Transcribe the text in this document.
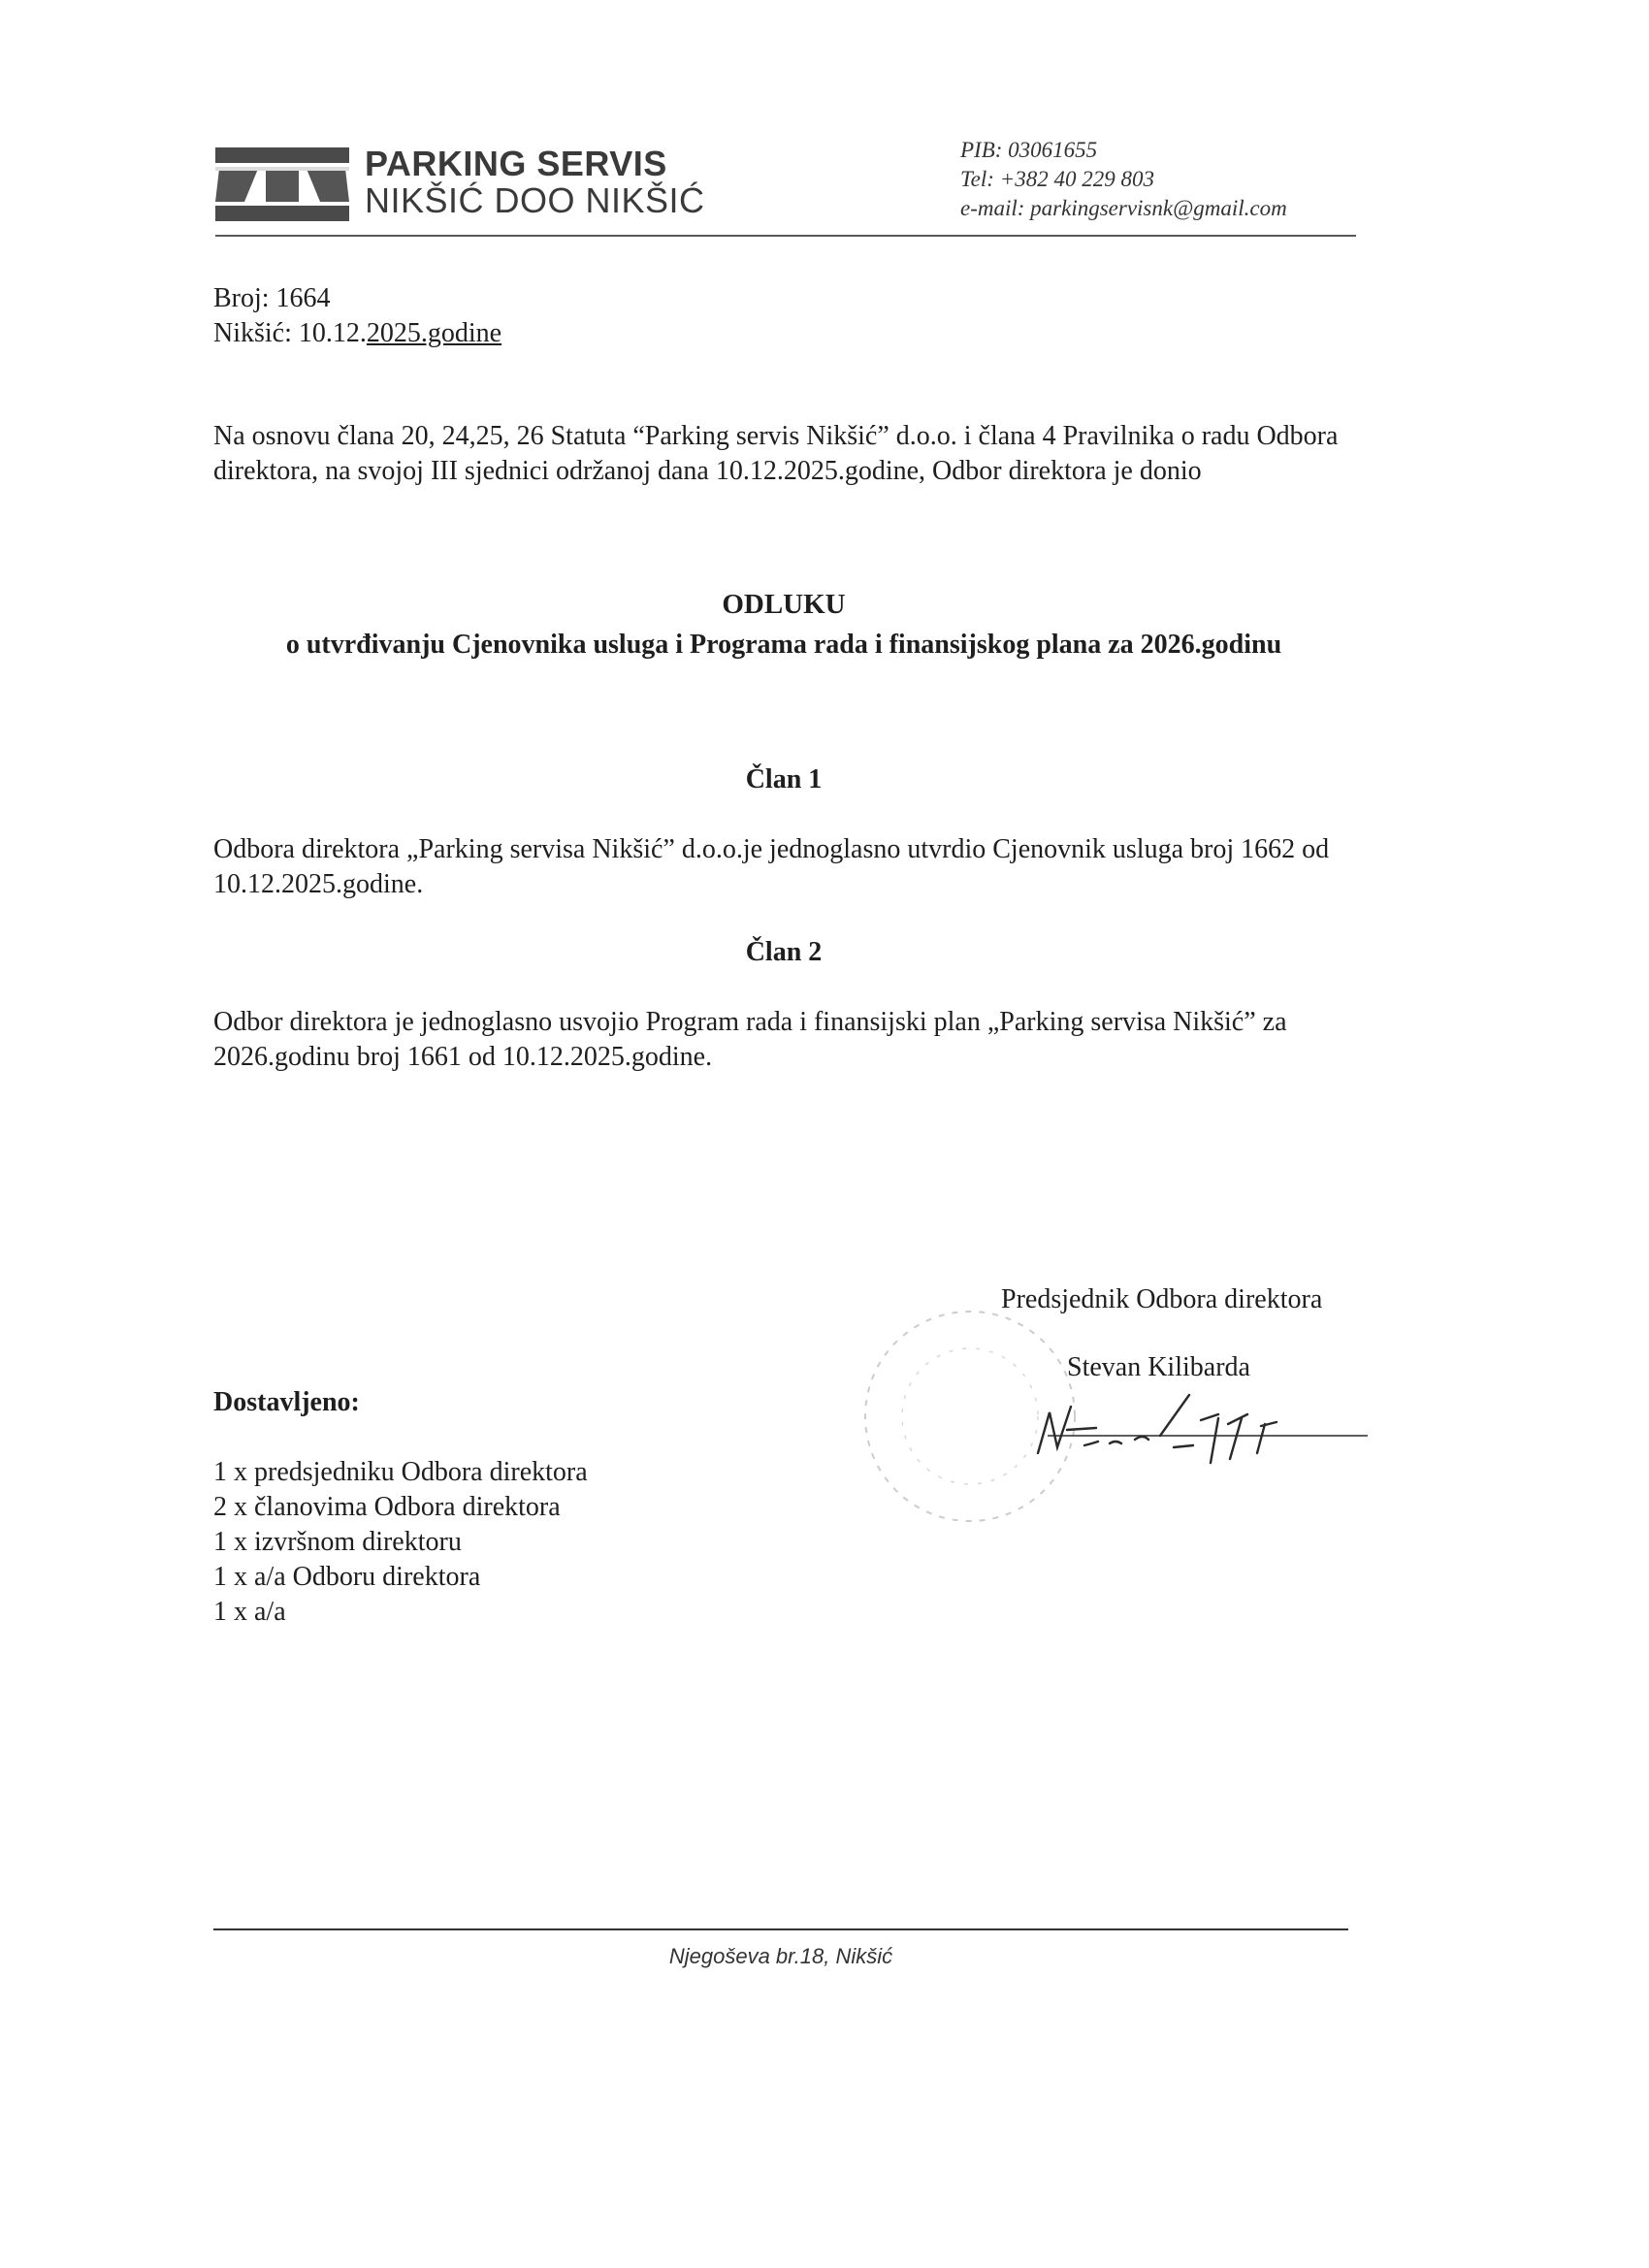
PARKING SERVIS
NIKŠIĆ DOO NIKŠIĆ
PIB: 03061655
Tel: +382 40 229 803
e-mail: parkingservisnk@gmail.com
Broj: 1664
Nikšić: 10.12.2025.godine
Na osnovu člana 20, 24,25, 26 Statuta “Parking servis Nikšić” d.o.o. i člana 4 Pravilnika o radu Odbora direktora, na svojoj III sjednici održanoj dana 10.12.2025.godine, Odbor direktora je donio
ODLUKU
o utvrđivanju Cjenovnika usluga i Programa rada i finansijskog plana za 2026.godinu
Član 1
Odbora direktora „Parking servisa Nikšić” d.o.o.je jednoglasno utvrdio Cjenovnik usluga broj 1662 od 10.12.2025.godine.
Član 2
Odbor direktora je jednoglasno usvojio Program rada i finansijski plan „Parking servisa Nikšić” za 2026.godinu broj 1661 od 10.12.2025.godine.
Predsjednik Odbora direktora
Stevan Kilibarda
Dostavljeno:
1 x predsjedniku Odbora direktora
2 x članovima Odbora direktora
1 x izvršnom direktoru
1 x a/a Odboru direktora
1 x a/a
Njegoševa br.18, Nikšić
